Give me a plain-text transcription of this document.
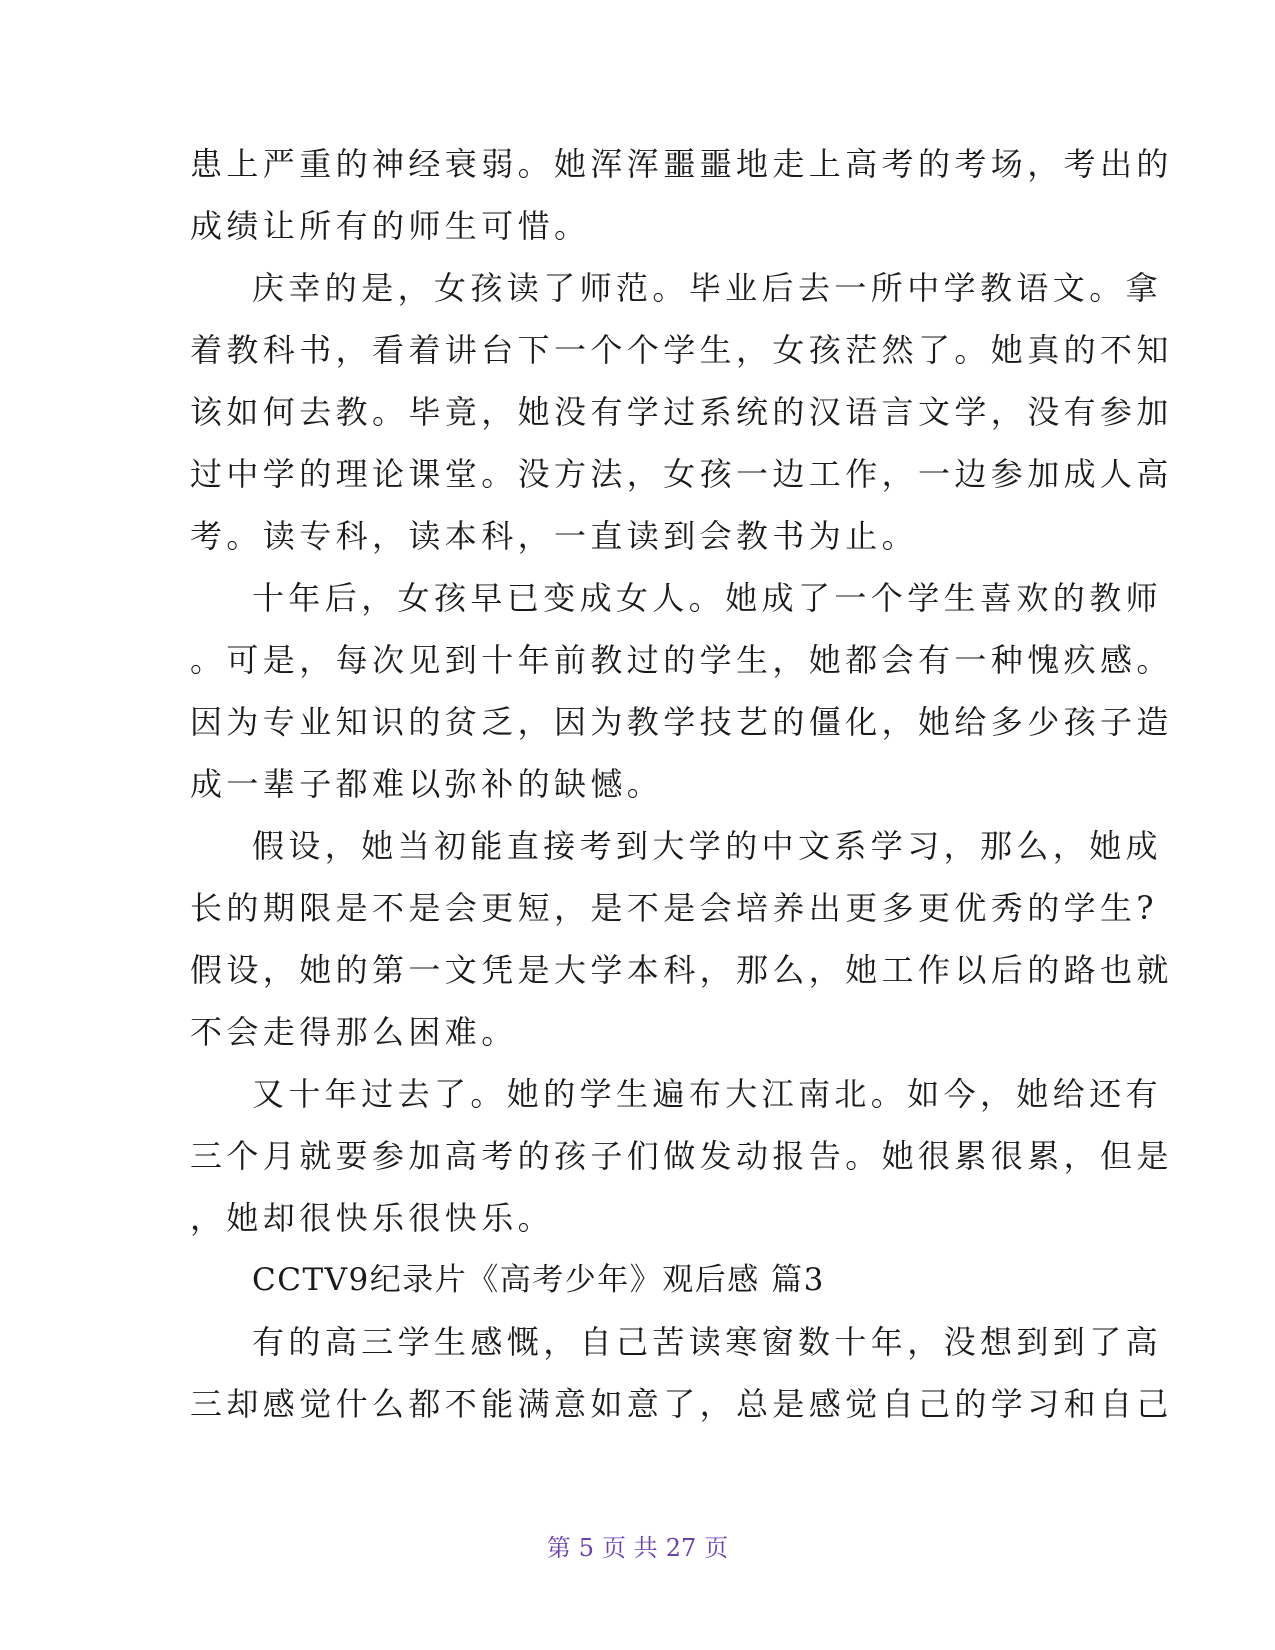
患上严重的神经衰弱。她浑浑噩噩地走上高考的考场，考出的
成绩让所有的师生可惜。
庆幸的是，女孩读了师范。毕业后去一所中学教语文。拿
着教科书，看着讲台下一个个学生，女孩茫然了。她真的不知
该如何去教。毕竟，她没有学过系统的汉语言文学，没有参加
过中学的理论课堂。没方法，女孩一边工作，一边参加成人高
考。读专科，读本科，一直读到会教书为止。
十年后，女孩早已变成女人。她成了一个学生喜欢的教师
。可是，每次见到十年前教过的学生，她都会有一种愧疚感。
因为专业知识的贫乏，因为教学技艺的僵化，她给多少孩子造
成一辈子都难以弥补的缺憾。
假设，她当初能直接考到大学的中文系学习，那么，她成
长的期限是不是会更短，是不是会培养出更多更优秀的学生?
假设，她的第一文凭是大学本科，那么，她工作以后的路也就
不会走得那么困难。
又十年过去了。她的学生遍布大江南北。如今，她给还有
三个月就要参加高考的孩子们做发动报告。她很累很累，但是
，她却很快乐很快乐。
CCTV9纪录片《高考少年》观后感 篇3
有的高三学生感慨，自己苦读寒窗数十年，没想到到了高
三却感觉什么都不能满意如意了，总是感觉自己的学习和自己
第 5 页 共 27 页
